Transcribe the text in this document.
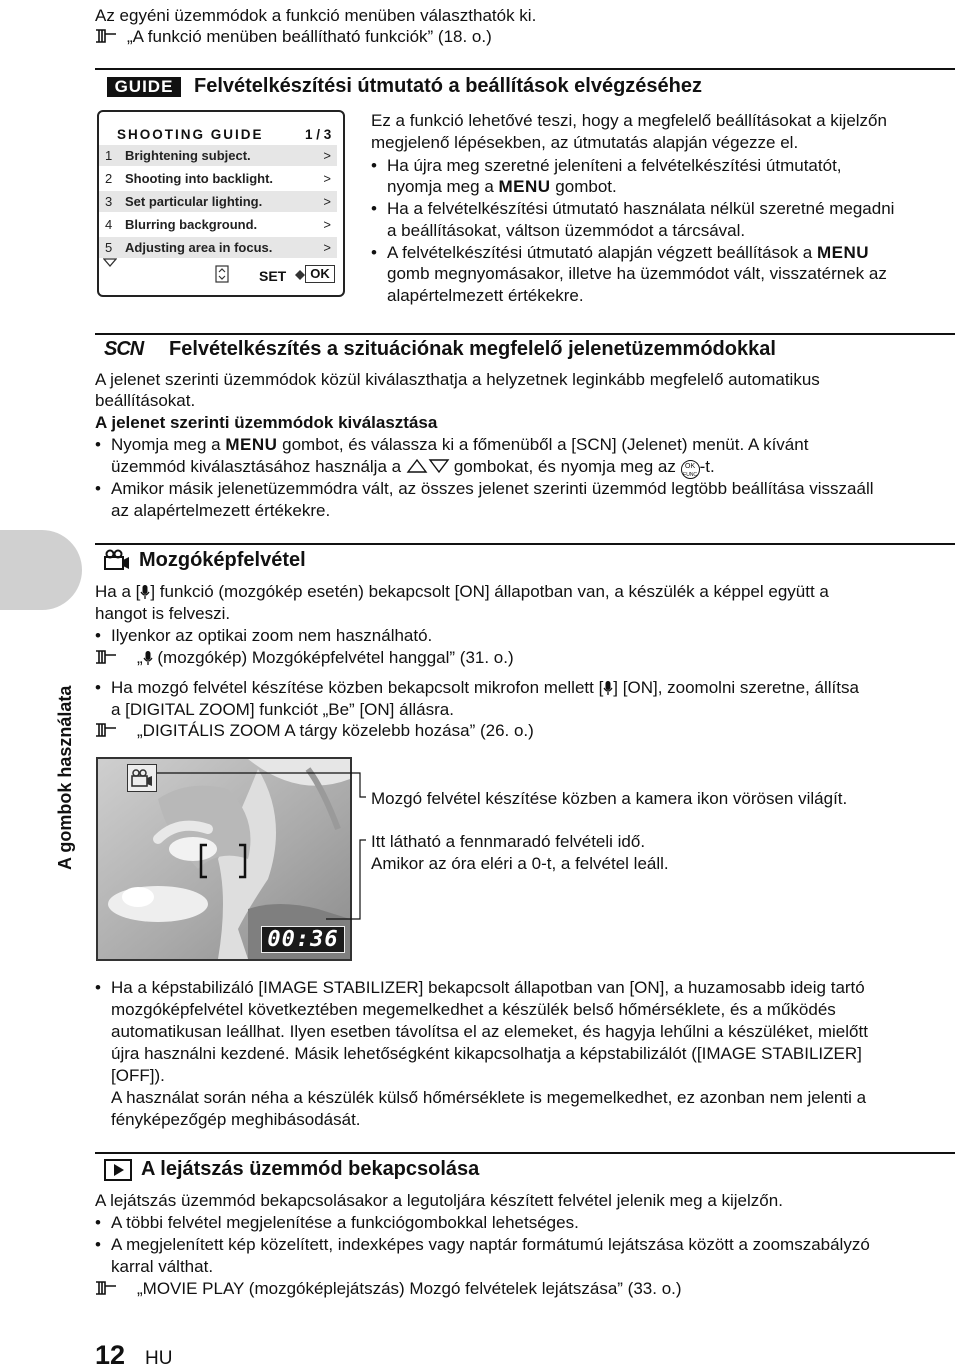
Az egyéni üzemmódok a funkció menüben választhatók ki.

„A funkció menüben beállítható funkciók” (18. o.)
GUIDE	Felvételkészítési útmutató a beállítások elvégzéséhez
SHOOTING GUIDE	1 / 3
1 Brightening subject.	>
2 Shooting into backlight.	>
3 Set particular lighting.	>
4 Blurring background.	>
5 Adjusting area in focus.	>
SET	OK

Ez a funkció lehetővé teszi, hogy a megfelelő beállításokat a kijelzőn

megjelenő lépésekben, az útmutatás alapján végezze el.

• Ha újra meg szeretné jeleníteni a felvételkészítési útmutatót,

nyomja meg a MENU gombot.

• Ha a felvételkészítési útmutató használata nélkül szeretné megadni

a beállításokat, váltson üzemmódot a tárcsával.

• A felvételkészítési útmutató alapján végzett beállítások a MENU

gomb megnyomásakor, illetve ha üzemmódot vált, visszatérnek az

alapértelmezett értékekre.

SCN Felvételkészítés a szituációnak megfelelő jelenetüzemmódokkal

A jelenet szerinti üzemmódok közül kiválaszthatja a helyzetnek leginkább megfelelő automatikus

beállításokat.

A jelenet szerinti üzemmódok kiválasztása

• Nyomja meg a MENU gombot, és válassza ki a főmenüből a [SCN] (Jelenet) menüt. A kívánt

üzemmód kiválasztásához használja a	gombokat, és nyomja meg az OK
FUNC -t.

• Amikor másik jelenetüzemmódra vált, az összes jelenet szerinti üzemmód legtöbb beállítása visszaáll

az alapértelmezett értékekre.

A gombok használata
Mozgóképfelvétel

Ha a [ ] funkció (mozgókép esetén) bekapcsolt [ON] állapotban van, a készülék a képpel együtt a

hangot is felveszi.

• Ilyenkor az optikai zoom nem használható.

„ (mozgókép) Mozgóképfelvétel hanggal” (31. o.)

• Ha mozgó felvétel készítése közben bekapcsolt mikrofon mellett [ ] [ON], zoomolni szeretne, állítsa

a [DIGITAL ZOOM] funkciót „Be” [ON] állásra.

„DIGITÁLIS ZOOM A tárgy közelebb hozása” (26. o.)

00:36

Mozgó felvétel készítése közben a kamera ikon vörösen világít.

Itt látható a fennmaradó felvételi idő.

Amikor az óra eléri a 0-t, a felvétel leáll.

• Ha a képstabilizáló [IMAGE STABILIZER] bekapcsolt állapotban van [ON], a huzamosabb ideig tartó

mozgóképfelvétel következtében megemelkedhet a készülék belső hőmérséklete, és a működés

automatikusan leállhat. Ilyen esetben távolítsa el az elemeket, és hagyja lehűlni a készüléket, mielőtt

újra használni kezdené. Másik lehetőségként kikapcsolhatja a képstabilizálót ([IMAGE STABILIZER]

[OFF]).

A használat során néha a készülék külső hőmérséklete is megemelkedhet, ez azonban nem jelenti a

fényképezőgép meghibásodását.

A lejátszás üzemmód bekapcsolása

A lejátszás üzemmód bekapcsolásakor a legutoljára készített felvétel jelenik meg a kijelzőn.

• A többi felvétel megjelenítése a funkciógombokkal lehetséges.

• A megjelenített kép közelített, indexképes vagy naptár formátumú lejátszása között a zoomszabályzó

karral válthat.

„MOVIE PLAY (mozgóképlejátszás) Mozgó felvételek lejátszása” (33. o.)

12 HU
